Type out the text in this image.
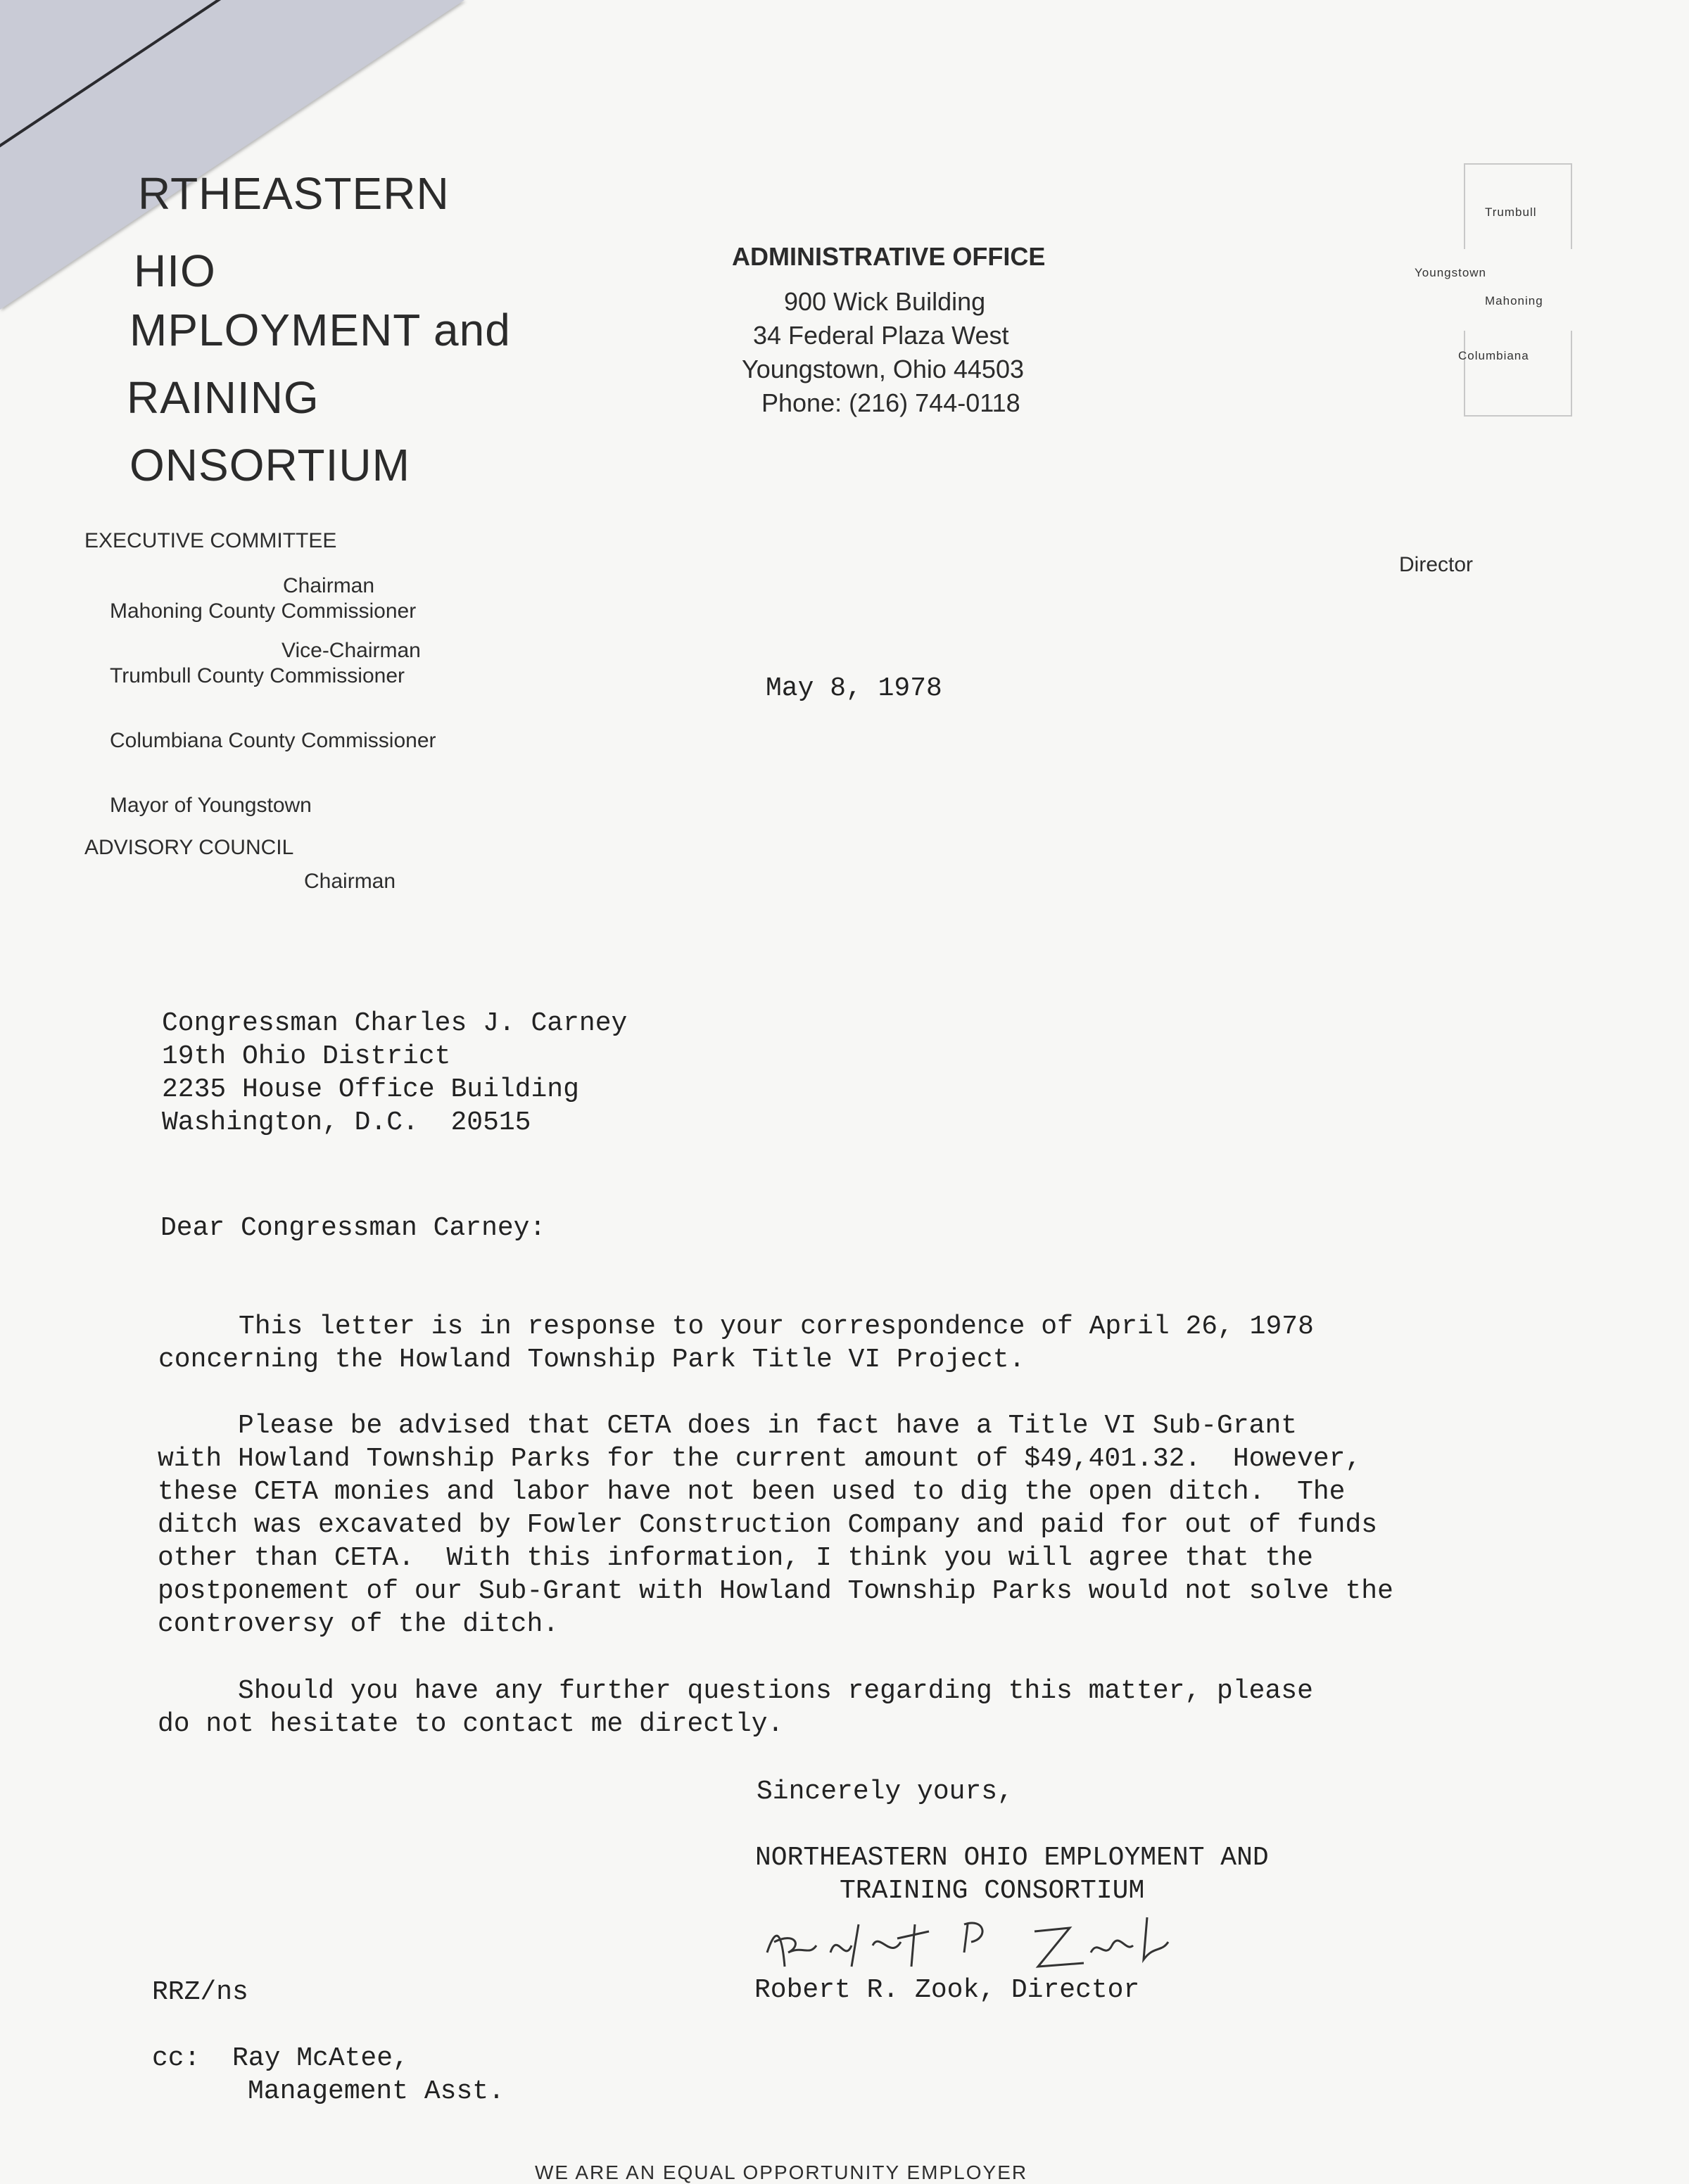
RTHEASTERN
HIO
MPLOYMENT and
RAINING
ONSORTIUM
ADMINISTRATIVE OFFICE
900 Wick Building
34 Federal Plaza West
Youngstown, Ohio 44503
Phone: (216) 744-0118
Trumbull
Youngstown
Mahoning
Columbiana
Director
EXECUTIVE COMMITTEE
Chairman
Mahoning County Commissioner
Vice-Chairman
Trumbull County Commissioner
Columbiana County Commissioner
Mayor of Youngstown
ADVISORY COUNCIL
Chairman
May 8, 1978
Congressman Charles J. Carney
19th Ohio District
2235 House Office Building
Washington, D.C.  20515
Dear Congressman Carney:
This letter is in response to your correspondence of April 26, 1978
concerning the Howland Township Park Title VI Project.
Please be advised that CETA does in fact have a Title VI Sub-Grant
with Howland Township Parks for the current amount of $49,401.32.  However,
these CETA monies and labor have not been used to dig the open ditch.  The
ditch was excavated by Fowler Construction Company and paid for out of funds
other than CETA.  With this information, I think you will agree that the
postponement of our Sub-Grant with Howland Township Parks would not solve the
controversy of the ditch.
Should you have any further questions regarding this matter, please
do not hesitate to contact me directly.
Sincerely yours,
NORTHEASTERN OHIO EMPLOYMENT AND
TRAINING CONSORTIUM
Robert R. Zook, Director
RRZ/ns
cc: Ray McAtee,
Management Asst.
WE ARE AN EQUAL OPPORTUNITY EMPLOYER
